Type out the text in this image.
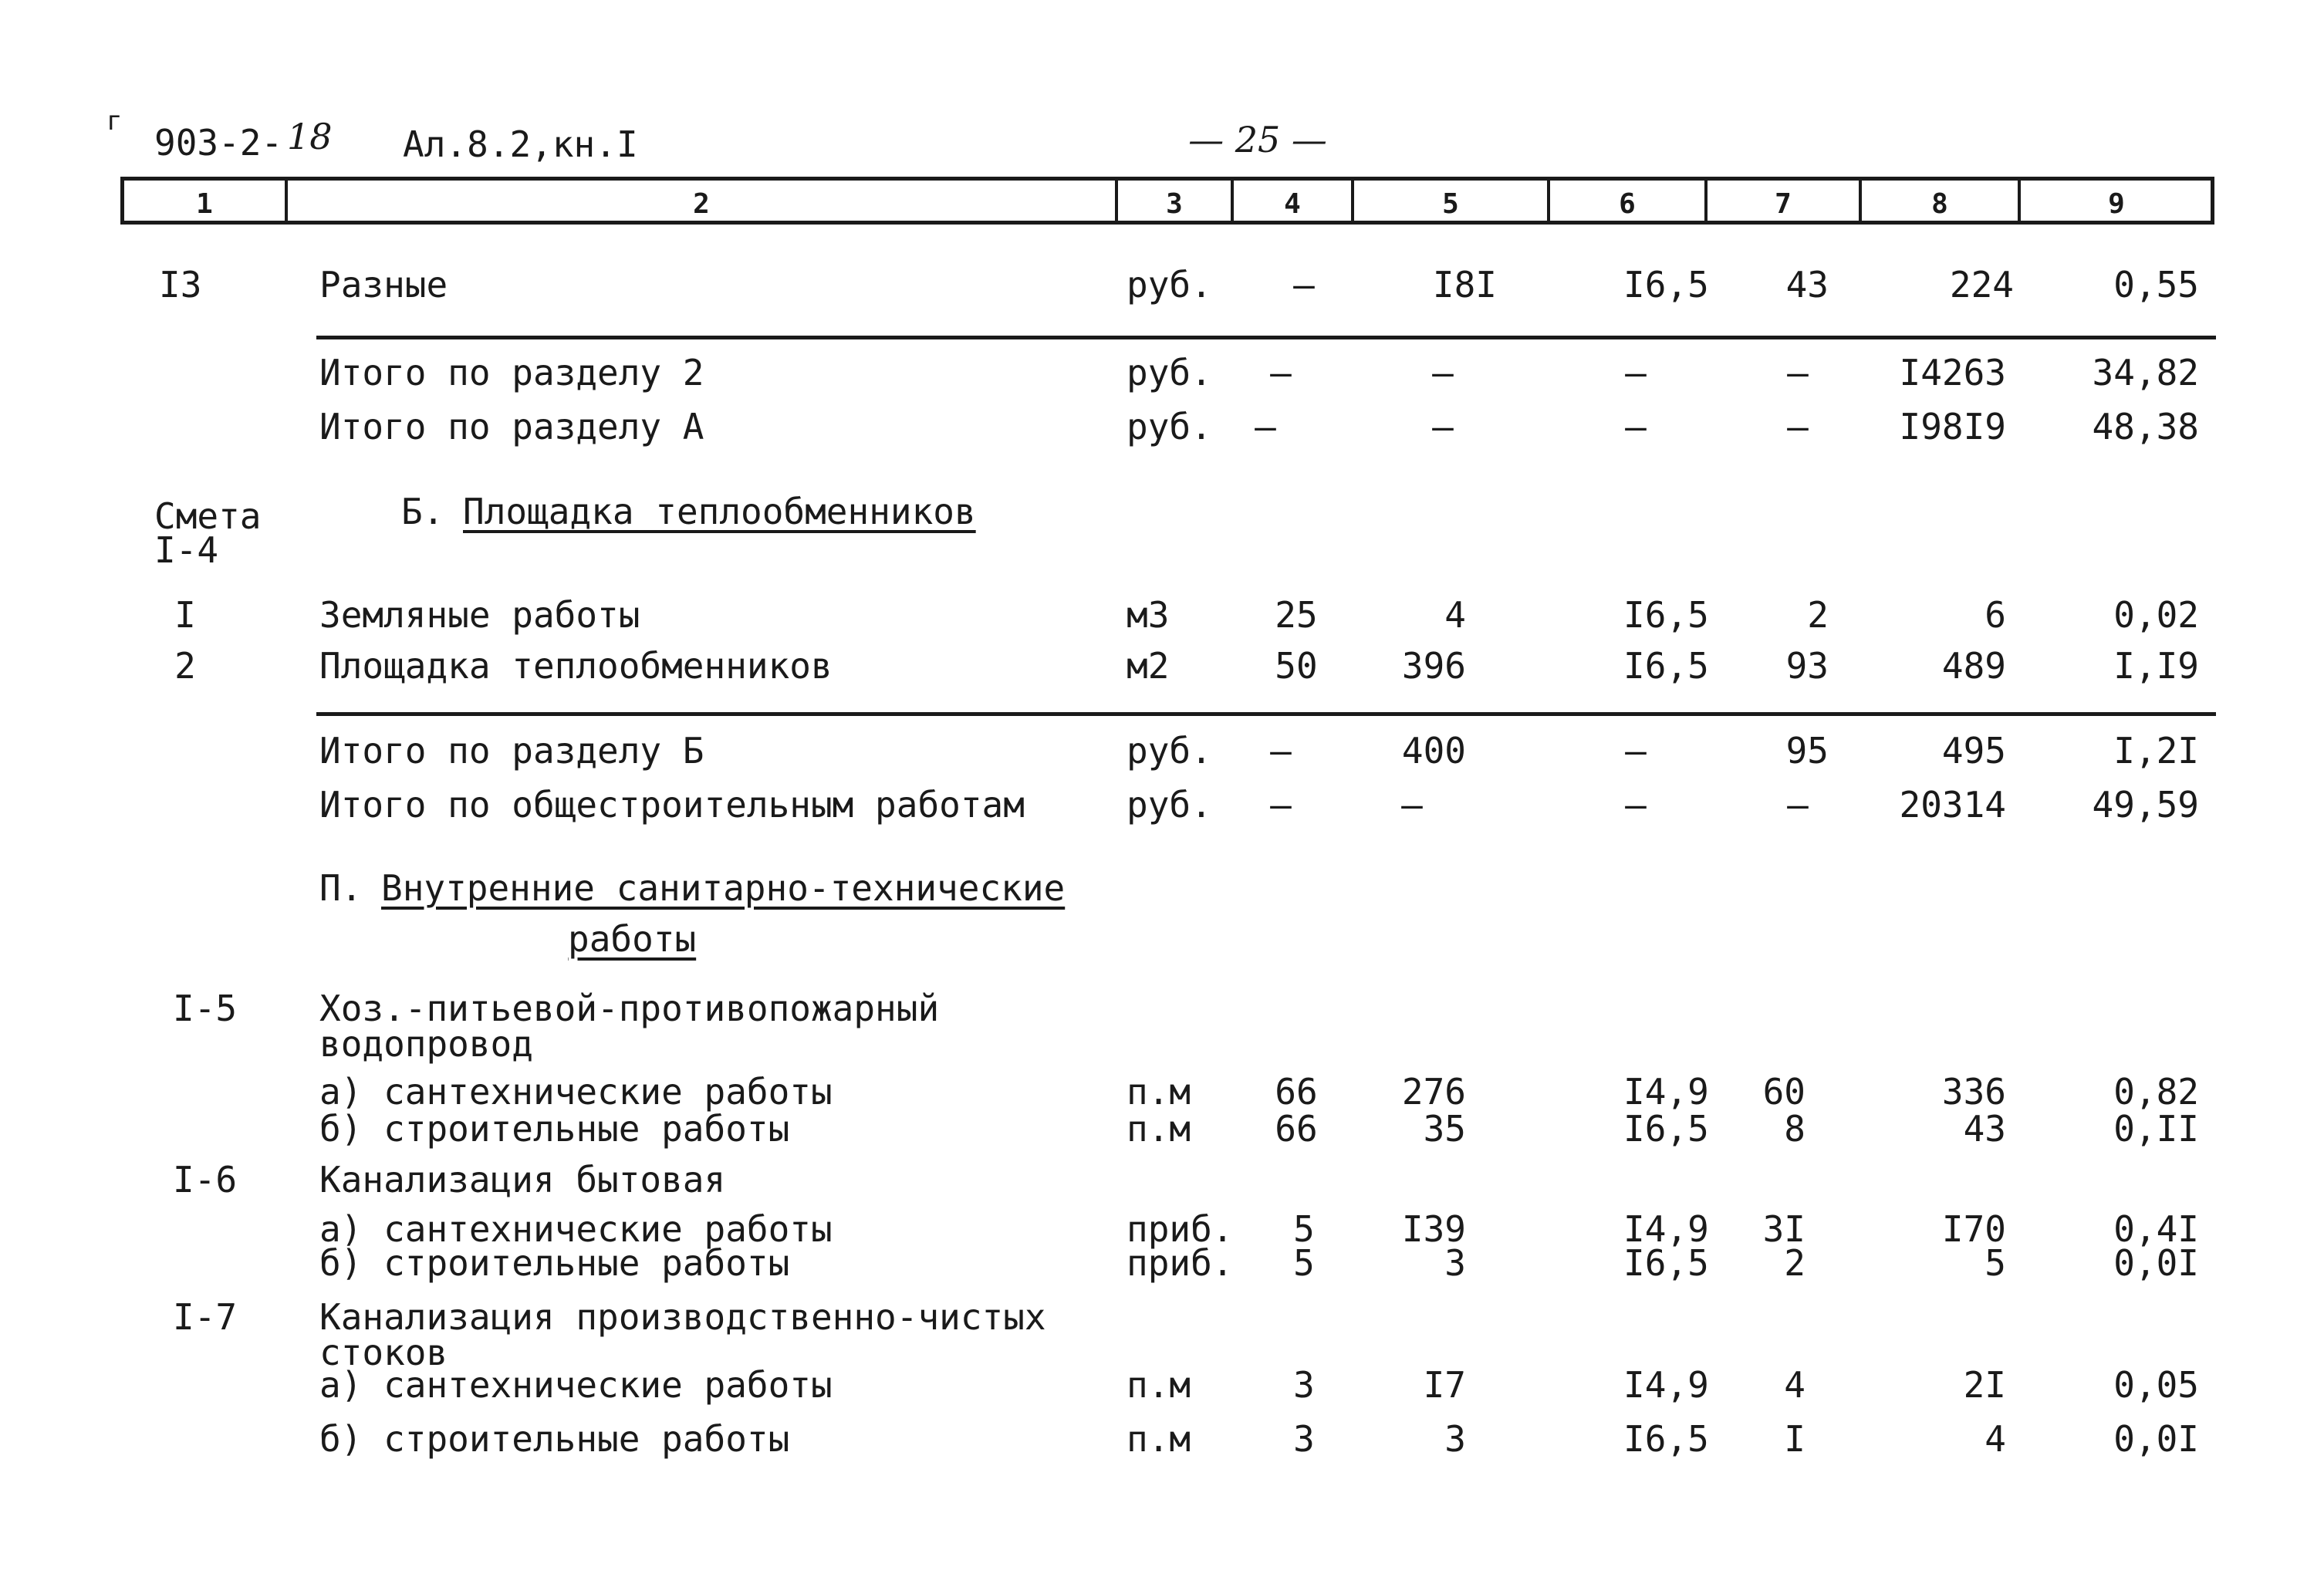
г
903-2- 18 Ал.8.2,кн.I	— 25 —
1	2	3	4	5	6	7	8	9
I3	Разные	руб.	–	I8I	I6,5	43	224	0,55
Итого по разделу 2	руб.	–	–	–	–	I4263	34,82
Итого по разделу А	руб.	–	–	–	–	I98I9	48,38
Смета
I-4
Б. Площадка теплообменников
I	Земляные работы	м3	25	4	I6,5	2	6	0,02
2	Площадка теплообменников	м2	50	396	I6,5	93	489	I,I9
Итого по разделу Б	руб.	–	400	–	95	495	I,2I
Итого по общестроительным работам	руб.	–	–	–	–	20314	49,59
П. Внутренние санитарно-технические
работы
I-5 Хоз.-питьевой-противопожарный
водопровод
а) сантехнические работы	п.м	66	276	I4,9	60	336	0,82
б) строительные работы	п.м	66	35	I6,5	8	43	0,II
I-6 Канализация бытовая
а) сантехнические работы	приб.	5	I39	I4,9	3I	I70	0,4I
б) строительные работы	приб.	5	3	I6,5	2	5	0,0I
I-7 Канализация производственно-чистых
стоков
а) сантехнические работы	п.м	3	I7	I4,9	4	2I	0,05
б) строительные работы	п.м	3	3	I6,5	I	4	0,0I
